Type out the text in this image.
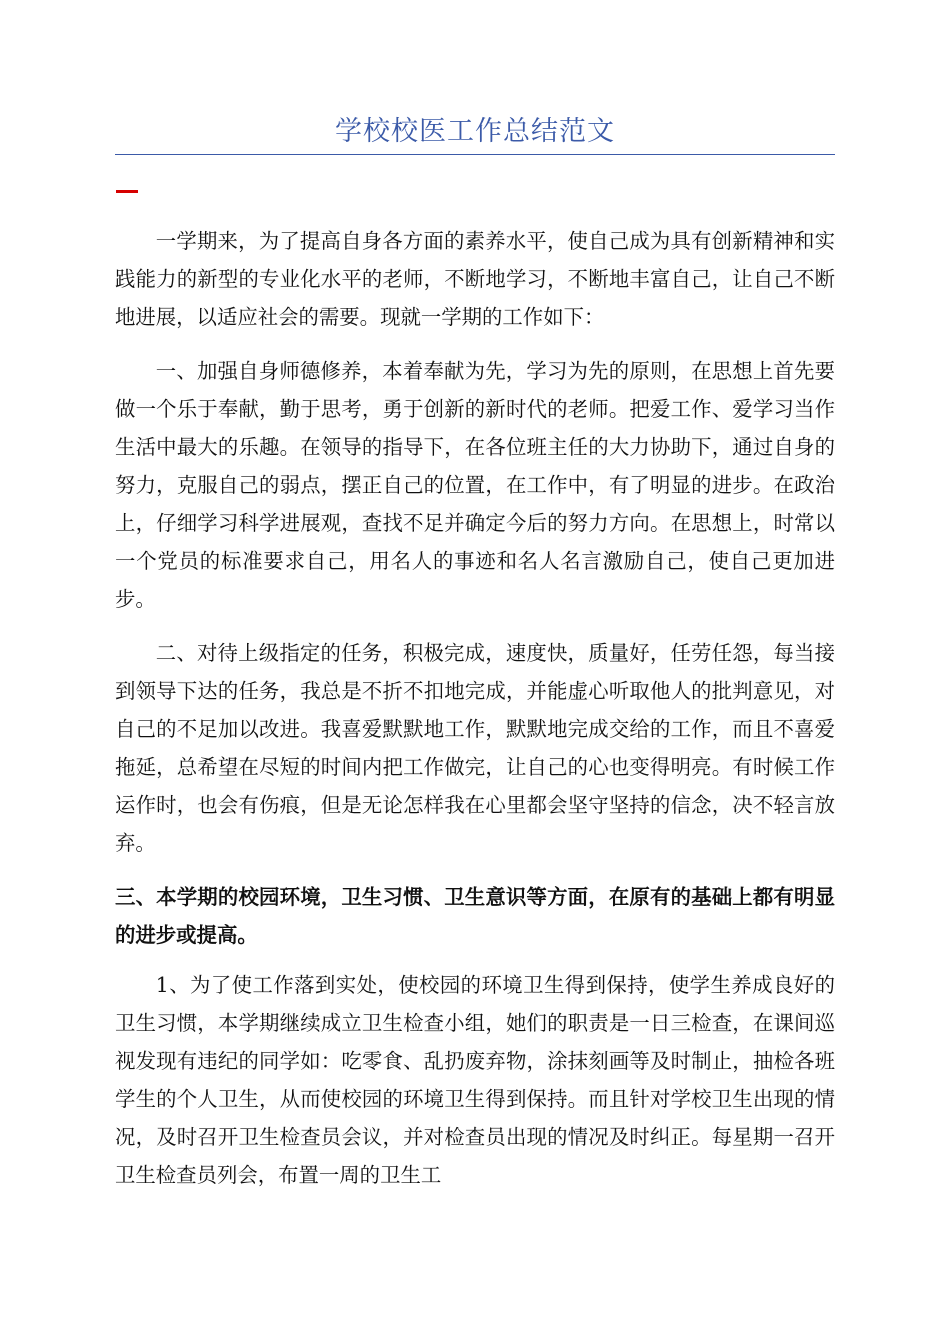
学校校医工作总结范文

一学期来，为了提高自身各方面的素养水平，使自己成为具有创新精神和实践能力的新型的专业化水平的老师，不断地学习，不断地丰富自己，让自己不断地进展，以适应社会的需要。现就一学期的工作如下：

一、加强自身师德修养，本着奉献为先，学习为先的原则，在思想上首先要做一个乐于奉献，勤于思考，勇于创新的新时代的老师。把爱工作、爱学习当作生活中最大的乐趣。在领导的指导下，在各位班主任的大力协助下，通过自身的努力，克服自己的弱点，摆正自己的位置，在工作中，有了明显的进步。在政治上，仔细学习科学进展观，查找不足并确定今后的努力方向。在思想上，时常以一个党员的标准要求自己，用名人的事迹和名人名言激励自己，使自己更加进步。

二、对待上级指定的任务，积极完成，速度快，质量好，任劳任怨，每当接到领导下达的任务，我总是不折不扣地完成，并能虚心听取他人的批判意见，对自己的不足加以改进。我喜爱默默地工作，默默地完成交给的工作，而且不喜爱拖延，总希望在尽短的时间内把工作做完，让自己的心也变得明亮。有时候工作运作时，也会有伤痕，但是无论怎样我在心里都会坚守坚持的信念，决不轻言放弃。

三、本学期的校园环境，卫生习惯、卫生意识等方面，在原有的基础上都有明显的进步或提高。

1、为了使工作落到实处，使校园的环境卫生得到保持，使学生养成良好的卫生习惯，本学期继续成立卫生检查小组，她们的职责是一日三检查，在课间巡视发现有违纪的同学如：吃零食、乱扔废弃物，涂抹刻画等及时制止，抽检各班学生的个人卫生，从而使校园的环境卫生得到保持。而且针对学校卫生出现的情况，及时召开卫生检查员会议，并对检查员出现的情况及时纠正。每星期一召开卫生检查员列会，布置一周的卫生工
